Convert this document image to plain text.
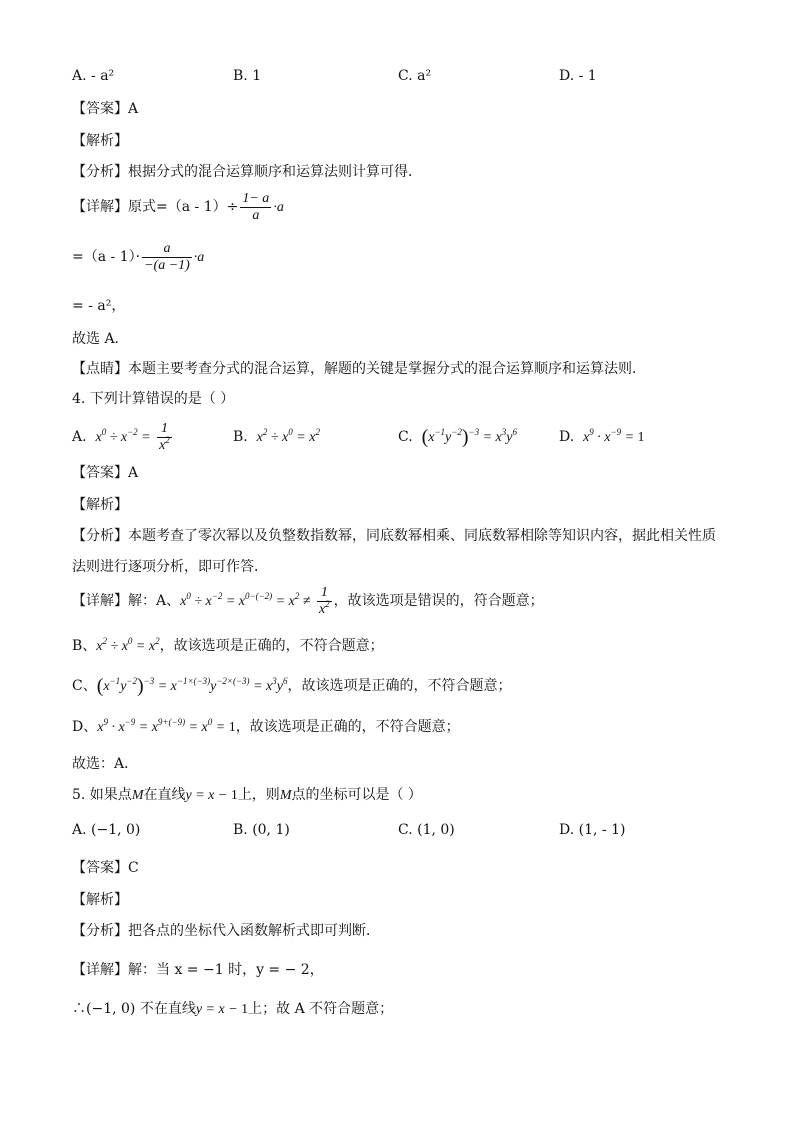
A. - a²	B. 1	C. a²	D. - 1
【答案】A
【解析】
【分析】根据分式的混合运算顺序和运算法则计算可得．
【详解】原式$=(a - 1)\div \frac{1- a}{a} \cdot a$
$=(a - 1)\cdot \frac{a}{-(a -1)} \cdot a$
= - a²，
故选 A．
【点睛】本题主要考查分式的混合运算，解题的关键是掌握分式的混合运算顺序和运算法则．
4. 下列计算错误的是（ ）
A.  $x^0 \div x^{-2} = \frac{1}{x^2}$	B.  $x^2 \div x^0 = x^2$	C.  $(x^{-1}y^{-2})^{-3} = x^3y^6$	D.  $x^9 \cdot x^{-9} = 1$
【答案】A
【解析】
【分析】本题考查了零次幂以及负整数指数幂，同底数幂相乘、同底数幂相除等知识内容，据此相关性质
法则进行逐项分析，即可作答．
【详解】解：A、$x^0 \div x^{-2} = x^{0-(-2)} = x^2 \ne \frac{1}{x^2}$ ，故该选项是错误的，符合题意；
B、$x^2 \div x^0 = x^2$，故该选项是正确的，不符合题意；
C、$(x^{-1}y^{-2})^{-3} = x^{-1\times(-3)}y^{-2\times(-3)} = x^3y^6$，故该选项是正确的，不符合题意；
D、$x^9 \cdot x^{-9} = x^{9+(-9)} = x^0 = 1$，故该选项是正确的，不符合题意；
故选：A．
5. 如果点M在直线y = x − 1上，则M点的坐标可以是（ ）
A. (−1, 0)	B. (0, 1)	C. (1, 0)	D. (1, - 1)
【答案】C
【解析】
【分析】把各点的坐标代入函数解析式即可判断．
【详解】解：当 x = −1 时，y = − 2，
∴(−1, 0) 不在直线y = x − 1上；故 A 不符合题意；
